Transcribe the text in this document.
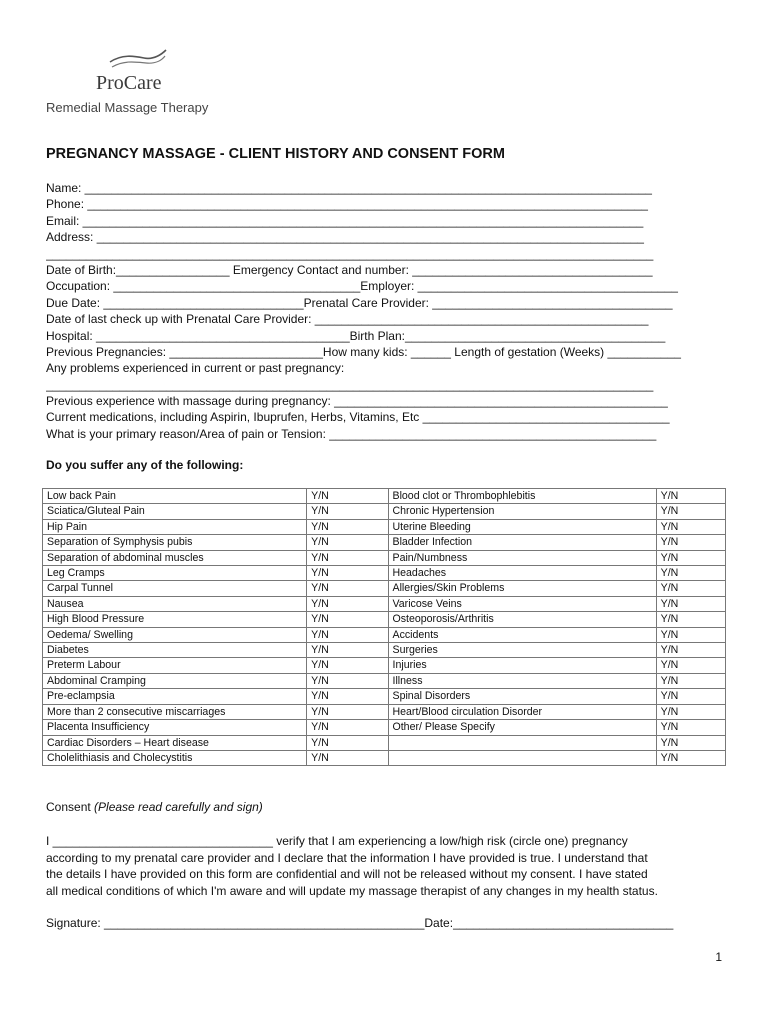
ProCare
Remedial Massage Therapy
PREGNANCY MASSAGE - CLIENT HISTORY AND CONSENT FORM
Name: _____________________________________________________________________________________
Phone: ____________________________________________________________________________________
Email: ____________________________________________________________________________________
Address: __________________________________________________________________________________
___________________________________________________________________________________________
Date of Birth:_________________ Emergency Contact and number: ____________________________________
Occupation: _____________________________________Employer: _______________________________________
Due Date: ______________________________Prenatal Care Provider: ____________________________________
Date of last check up with Prenatal Care Provider: __________________________________________________
Hospital: ______________________________________Birth Plan:_______________________________________
Previous Pregnancies: _______________________How many kids: ______ Length of gestation (Weeks) ___________
Any problems experienced in current or past pregnancy:
___________________________________________________________________________________________
Previous experience with massage during pregnancy: __________________________________________________
Current medications, including Aspirin, Ibuprufen, Herbs, Vitamins, Etc _____________________________________
What is your primary reason/Area of pain or Tension: _________________________________________________
Do you suffer any of the following:
Low back Pain	Y/N	Blood clot or Thrombophlebitis	Y/N
Sciatica/Gluteal Pain	Y/N	Chronic Hypertension	Y/N
Hip Pain	Y/N	Uterine Bleeding	Y/N
Separation of Symphysis pubis	Y/N	Bladder Infection	Y/N
Separation of abdominal muscles	Y/N	Pain/Numbness	Y/N
Leg Cramps	Y/N	Headaches	Y/N
Carpal Tunnel	Y/N	Allergies/Skin Problems	Y/N
Nausea	Y/N	Varicose Veins	Y/N
High Blood Pressure	Y/N	Osteoporosis/Arthritis	Y/N
Oedema/ Swelling	Y/N	Accidents	Y/N
Diabetes	Y/N	Surgeries	Y/N
Preterm Labour	Y/N	Injuries	Y/N
Abdominal Cramping	Y/N	Illness	Y/N
Pre-eclampsia	Y/N	Spinal Disorders	Y/N
More than 2 consecutive miscarriages	Y/N	Heart/Blood circulation Disorder	Y/N
Placenta Insufficiency	Y/N	Other/ Please Specify	Y/N
Cardiac Disorders – Heart disease	Y/N		Y/N
Cholelithiasis and Cholecystitis	Y/N		Y/N
Consent (Please read carefully and sign)
I _________________________________ verify that I am experiencing a low/high risk (circle one) pregnancy
according to my prenatal care provider and I declare that the information I have provided is true. I understand that
the details I have provided on this form are confidential and will not be released without my consent. I have stated
all medical conditions of which I'm aware and will update my massage therapist of any changes in my health status.
Signature: ________________________________________________Date:_________________________________
1
